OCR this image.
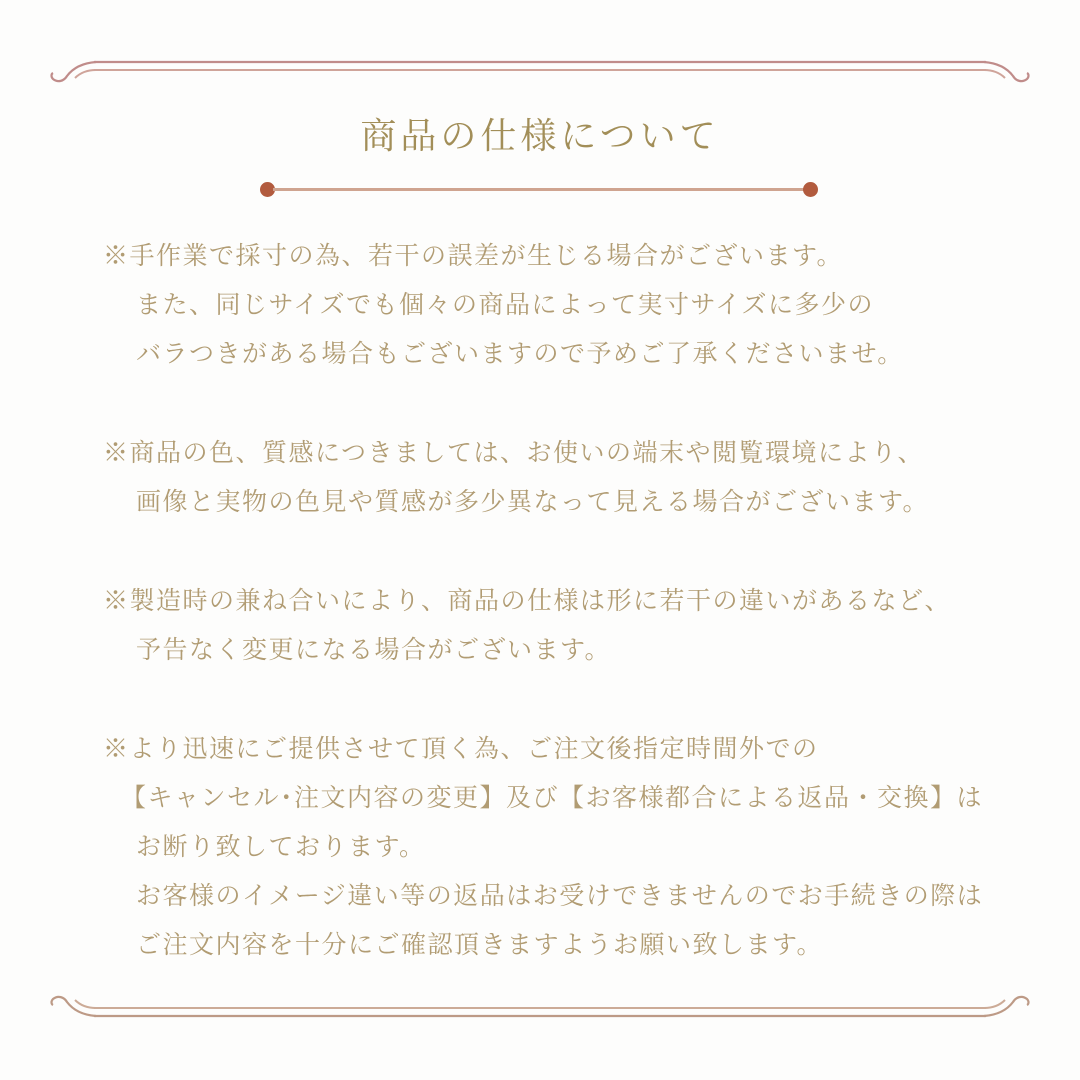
商品の仕様について
※手作業で採寸の為、若干の誤差が生じる場合がございます。
また、同じサイズでも個々の商品によって実寸サイズに多少の
バラつきがある場合もございますので予めご了承くださいませ。
※商品の色、質感につきましては、お使いの端末や閲覧環境により、
画像と実物の色見や質感が多少異なって見える場合がございます。
※製造時の兼ね合いにより、商品の仕様は形に若干の違いがあるなど、
予告なく変更になる場合がございます。
※より迅速にご提供させて頂く為、ご注文後指定時間外での
【キャンセル･注文内容の変更】及び【お客様都合による返品・交換】は
お断り致しております。
お客様のイメージ違い等の返品はお受けできませんのでお手続きの際は
ご注文内容を十分にご確認頂きますようお願い致します。
